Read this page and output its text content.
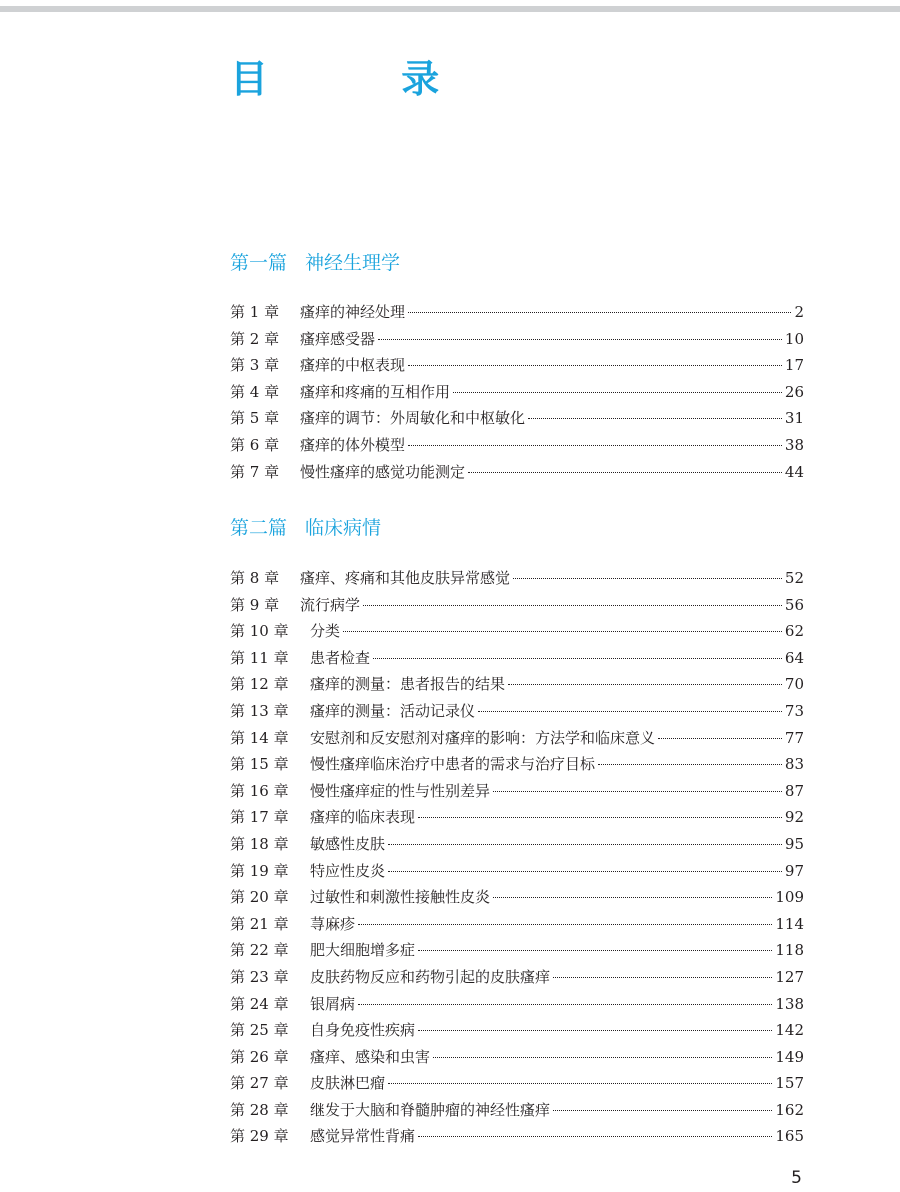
目 录
第一篇 神经生理学
第 1 章	瘙痒的神经处理	2
第 2 章	瘙痒感受器	10
第 3 章	瘙痒的中枢表现	17
第 4 章	瘙痒和疼痛的互相作用	26
第 5 章	瘙痒的调节：外周敏化和中枢敏化	31
第 6 章	瘙痒的体外模型	38
第 7 章	慢性瘙痒的感觉功能测定	44
第二篇 临床病情
第 8 章	瘙痒、疼痛和其他皮肤异常感觉	52
第 9 章	流行病学	56
第 10 章	分类	62
第 11 章	患者检查	64
第 12 章	瘙痒的测量：患者报告的结果	70
第 13 章	瘙痒的测量：活动记录仪	73
第 14 章	安慰剂和反安慰剂对瘙痒的影响：方法学和临床意义	77
第 15 章	慢性瘙痒临床治疗中患者的需求与治疗目标	83
第 16 章	慢性瘙痒症的性与性别差异	87
第 17 章	瘙痒的临床表现	92
第 18 章	敏感性皮肤	95
第 19 章	特应性皮炎	97
第 20 章	过敏性和刺激性接触性皮炎	109
第 21 章	荨麻疹	114
第 22 章	肥大细胞增多症	118
第 23 章	皮肤药物反应和药物引起的皮肤瘙痒	127
第 24 章	银屑病	138
第 25 章	自身免疫性疾病	142
第 26 章	瘙痒、感染和虫害	149
第 27 章	皮肤淋巴瘤	157
第 28 章	继发于大脑和脊髓肿瘤的神经性瘙痒	162
第 29 章	感觉异常性背痛	165
5
